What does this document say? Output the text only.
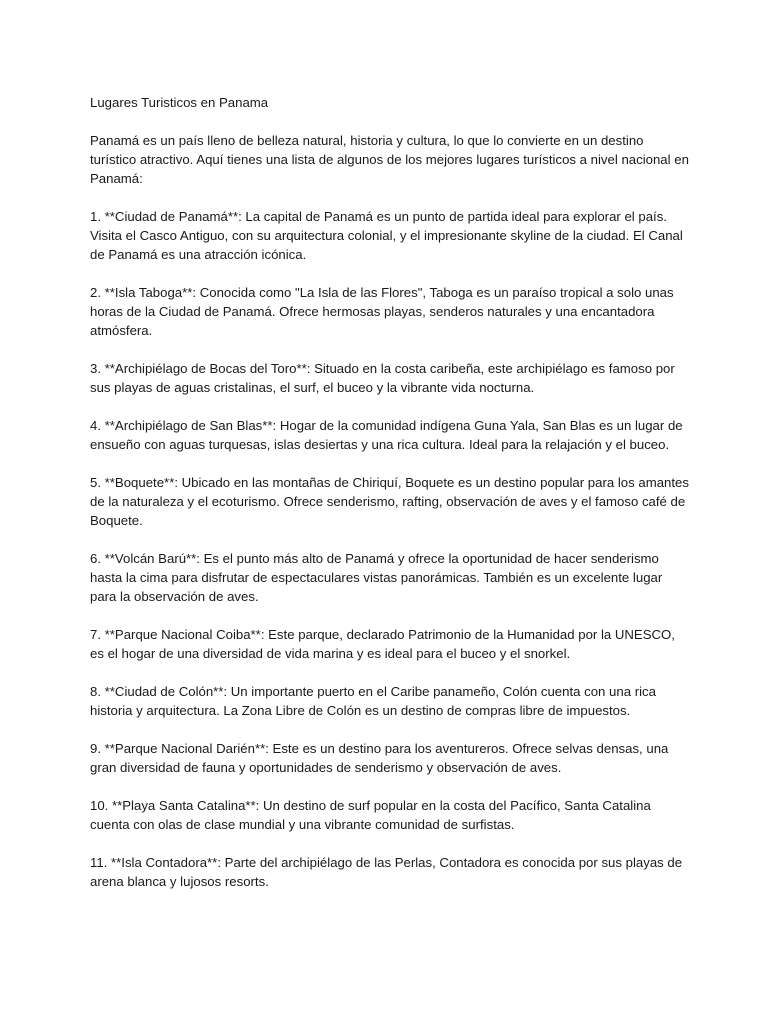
Lugares Turisticos en Panama

Panamá es un país lleno de belleza natural, historia y cultura, lo que lo convierte en un destino turístico atractivo. Aquí tienes una lista de algunos de los mejores lugares turísticos a nivel nacional en Panamá:

1. **Ciudad de Panamá**: La capital de Panamá es un punto de partida ideal para explorar el país. Visita el Casco Antiguo, con su arquitectura colonial, y el impresionante skyline de la ciudad. El Canal de Panamá es una atracción icónica.

2. **Isla Taboga**: Conocida como "La Isla de las Flores", Taboga es un paraíso tropical a solo unas horas de la Ciudad de Panamá. Ofrece hermosas playas, senderos naturales y una encantadora atmósfera.

3. **Archipiélago de Bocas del Toro**: Situado en la costa caribeña, este archipiélago es famoso por sus playas de aguas cristalinas, el surf, el buceo y la vibrante vida nocturna.

4. **Archipiélago de San Blas**: Hogar de la comunidad indígena Guna Yala, San Blas es un lugar de ensueño con aguas turquesas, islas desiertas y una rica cultura. Ideal para la relajación y el buceo.

5. **Boquete**: Ubicado en las montañas de Chiriquí, Boquete es un destino popular para los amantes de la naturaleza y el ecoturismo. Ofrece senderismo, rafting, observación de aves y el famoso café de Boquete.

6. **Volcán Barú**: Es el punto más alto de Panamá y ofrece la oportunidad de hacer senderismo hasta la cima para disfrutar de espectaculares vistas panorámicas. También es un excelente lugar para la observación de aves.

7. **Parque Nacional Coiba**: Este parque, declarado Patrimonio de la Humanidad por la UNESCO, es el hogar de una diversidad de vida marina y es ideal para el buceo y el snorkel.

8. **Ciudad de Colón**: Un importante puerto en el Caribe panameño, Colón cuenta con una rica historia y arquitectura. La Zona Libre de Colón es un destino de compras libre de impuestos.

9. **Parque Nacional Darién**: Este es un destino para los aventureros. Ofrece selvas densas, una gran diversidad de fauna y oportunidades de senderismo y observación de aves.

10. **Playa Santa Catalina**: Un destino de surf popular en la costa del Pacífico, Santa Catalina cuenta con olas de clase mundial y una vibrante comunidad de surfistas.

11. **Isla Contadora**: Parte del archipiélago de las Perlas, Contadora es conocida por sus playas de arena blanca y lujosos resorts.
